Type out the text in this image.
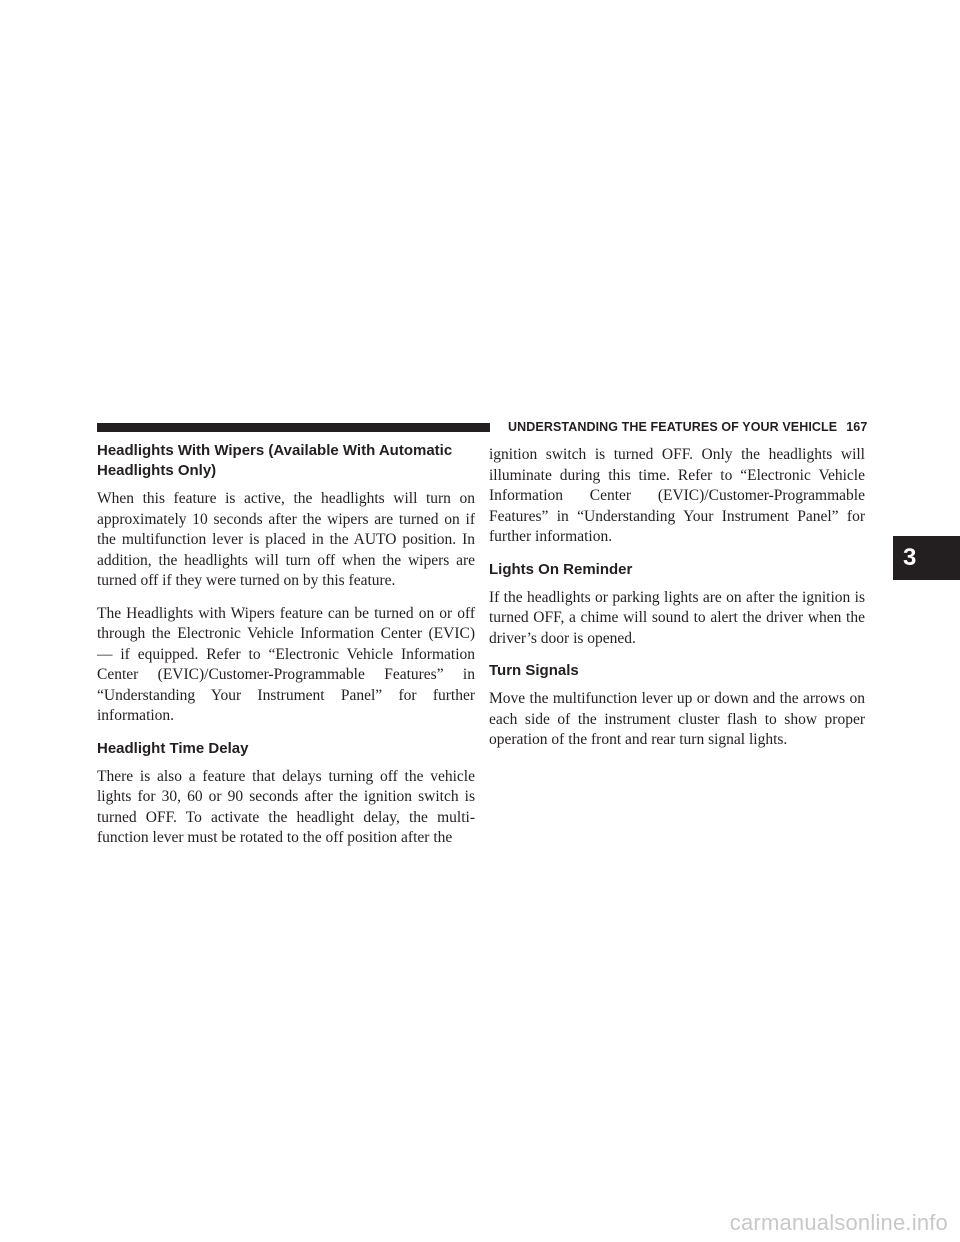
UNDERSTANDING THE FEATURES OF YOUR VEHICLE 167
Headlights With Wipers (Available With Automatic Headlights Only)

When this feature is active, the headlights will turn on approximately 10 seconds after the wipers are turned on if the multifunction lever is placed in the AUTO position. In addition, the headlights will turn off when the wipers are turned off if they were turned on by this feature.

The Headlights with Wipers feature can be turned on or off through the Electronic Vehicle Information Center (EVIC) — if equipped. Refer to “Electronic Vehicle Information Center (EVIC)/Customer-Programmable Features” in “Understanding Your Instrument Panel” for further information.

Headlight Time Delay

There is also a feature that delays turning off the vehicle lights for 30, 60 or 90 seconds after the ignition switch is turned OFF. To activate the headlight delay, the multifunction lever must be rotated to the off position after the

ignition switch is turned OFF. Only the headlights will illuminate during this time. Refer to “Electronic Vehicle Information Center (EVIC)/Customer-Programmable Features” in “Understanding Your Instrument Panel” for further information.

Lights On Reminder

If the headlights or parking lights are on after the ignition is turned OFF, a chime will sound to alert the driver when the driver’s door is opened.

Turn Signals

Move the multifunction lever up or down and the arrows on each side of the instrument cluster flash to show proper operation of the front and rear turn signal lights.

3
carmanualsonline.info
